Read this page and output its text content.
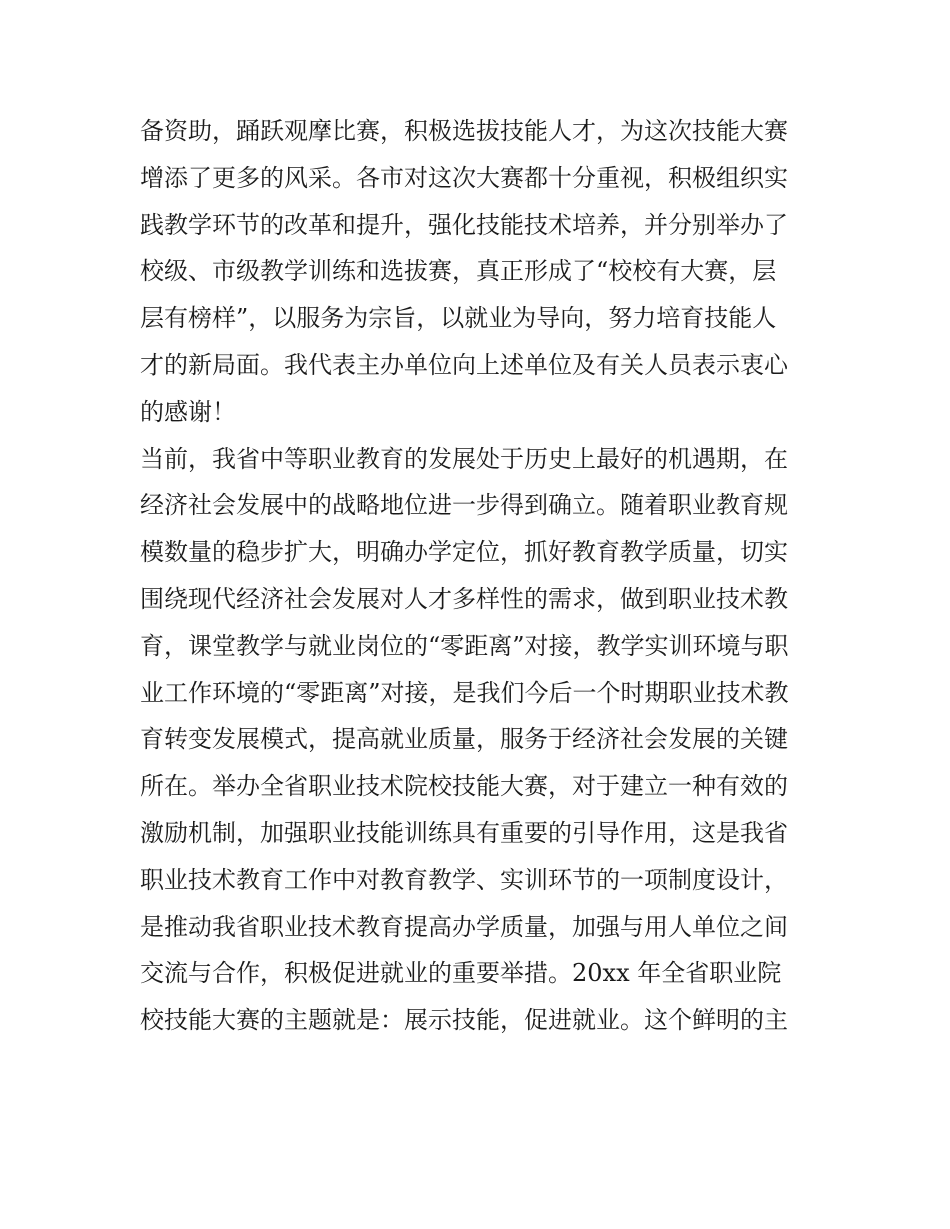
备资助，踊跃观摩比赛，积极选拔技能人才，为这次技能大赛
增添了更多的风采。各市对这次大赛都十分重视，积极组织实
践教学环节的改革和提升，强化技能技术培养，并分别举办了
校级、市级教学训练和选拔赛，真正形成了“校校有大赛，层
层有榜样”，以服务为宗旨，以就业为导向，努力培育技能人
才的新局面。我代表主办单位向上述单位及有关人员表示衷心
的感谢！
当前，我省中等职业教育的发展处于历史上最好的机遇期，在
经济社会发展中的战略地位进一步得到确立。随着职业教育规
模数量的稳步扩大，明确办学定位，抓好教育教学质量，切实
围绕现代经济社会发展对人才多样性的需求，做到职业技术教
育，课堂教学与就业岗位的“零距离”对接，教学实训环境与职
业工作环境的“零距离”对接，是我们今后一个时期职业技术教
育转变发展模式，提高就业质量，服务于经济社会发展的关键
所在。举办全省职业技术院校技能大赛，对于建立一种有效的
激励机制，加强职业技能训练具有重要的引导作用，这是我省
职业技术教育工作中对教育教学、实训环节的一项制度设计，
是推动我省职业技术教育提高办学质量，加强与用人单位之间
交流与合作，积极促进就业的重要举措。20xx 年全省职业院
校技能大赛的主题就是：展示技能，促进就业。这个鲜明的主
